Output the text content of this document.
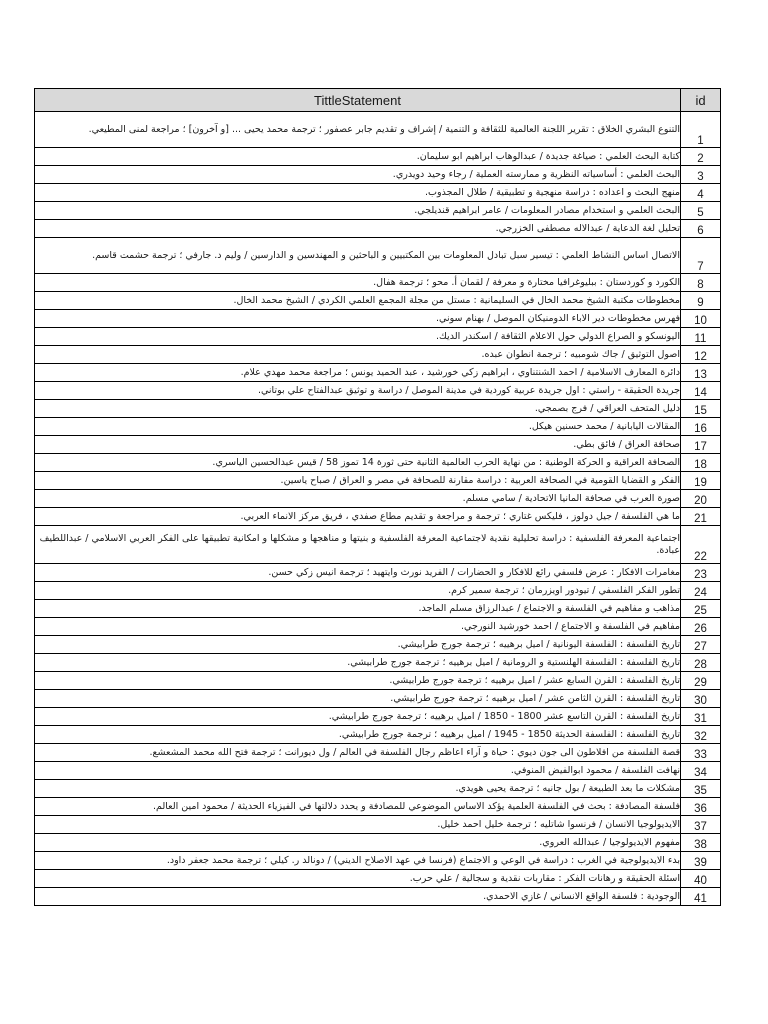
TittleStatement	id
التنوع البشري الخلاق : تقرير اللجنة العالمية للثقافة و التنمية / إشراف و تقديم جابر عصفور ؛ ترجمة محمد يحيى ... [و آخرون] ؛ مراجعة لمنى المطيعي.	1
كتابة البحث العلمي : صياغة جديدة / عبدالوهاب ابراهيم ابو سليمان.	2
البحث العلمي : أساسياته النظرية و ممارسته العملية / رجاء وحيد دويدري.	3
منهج البحث و اعداده : دراسة منهجية و تطبيقية / طلال المجذوب.	4
البحث العلمي و استخدام مصادر المعلومات / عامر ابراهيم قنديلجي.	5
تحليل لغة الدعاية / عبدالاله مصطفى الخزرجي.	6
الاتصال اساس النشاط العلمي : تيسير سبل تبادل المعلومات بين المكتبيين و الباحثين و المهندسين و الدارسين / وليم د. جارفي ؛ ترجمة حشمت قاسم.	7
الكورد و كوردستان : ببليوغرافيا مختارة و معرفة / لقمان أ. محو ؛ ترجمة هفال.	8
مخطوطات مكتبة الشيخ محمد الخال في السليمانية : مستل من مجلة المجمع العلمي الكردي / الشيخ محمد الخال.	9
فهرس مخطوطات دير الاباء الدومنيكان الموصل / بهنام سوني.	10
اليونسكو و الصراع الدولي حول الاعلام الثقافة / اسكندر الديك.	11
اصول التوثيق / جاك شومبيه ؛ ترجمة انطوان عبده.	12
دائرة المعارف الاسلامية / احمد الشنتناوي ، ابراهيم زكي خورشيد ، عبد الحميد يونس ؛ مراجعة محمد مهدي علام.	13
جريدة الحقيقة - راستي : اول جريدة عربية كوردية في مدينة الموصل / دراسة و توثيق عبدالفتاح علي بوتاني.	14
دليل المتحف العراقي / فرج بصمجي.	15
المقالات اليابانية / محمد حسنين هيكل.	16
صحافة العراق / فائق بطي.	17
الصحافة العراقية و الحركة الوطنية : من نهاية الحرب العالمية الثانية حتى ثورة 14 تموز 58 / قيس عبدالحسين الياسري.	18
الفكر و القضايا القومية في الصحافة العربية : دراسة مقارنة للصحافة في مصر و العراق / صباح ياسين.	19
صورة العرب في صحافة المانيا الاتحادية / سامي مسلم.	20
ما هي الفلسفة / جيل دولوز ، فليكس غتاري ؛ ترجمة و مراجعة و تقديم مطاع صفدي ، فريق مركز الانماء العربي.	21
اجتماعية المعرفة الفلسفية : دراسة تحليلية نقدية لاجتماعية المعرفة الفلسفية و بنيتها و مناهجها و مشكلها و امكانية تطبيقها على الفكر العربي الاسلامي / عبداللطيف عبادة.	22
مغامرات الافكار : عرض فلسفي رائع للافكار و الحضارات / الفريد نورث وايتهيد ؛ ترجمة انيس زكي حسن.	23
تطور الفكر الفلسفي / تيودور اويزرمان ؛ ترجمة سمير كرم.	24
مذاهب و مفاهيم في الفلسفة و الاجتماع / عبدالرزاق مسلم الماجد.	25
مفاهيم في الفلسفة و الاجتماع / احمد خورشيد النورجي.	26
تاريخ الفلسفة : الفلسفة اليونانية / اميل برهييه ؛ ترجمة جورج طرابيشي.	27
تاريخ الفلسفة : الفلسفة الهلنستية و الرومانية / اميل برهييه ؛ ترجمة جورج طرابيشي.	28
تاريخ الفلسفة : القرن السابع عشر / اميل برهييه ؛ ترجمة جورج طرابيشي.	29
تاريخ الفلسفة : القرن الثامن عشر / اميل برهييه ؛ ترجمة جورج طرابيشي.	30
تاريخ الفلسفة : القرن التاسع عشر 1800 - 1850 / اميل برهييه ؛ ترجمة جورج طرابيشي.	31
تاريخ الفلسفة : الفلسفة الحديثة 1850 - 1945 / اميل برهييه ؛ ترجمة جورج طرابيشي.	32
قصة الفلسفة من افلاطون الى جون ديوي : حياة و آراء اعاظم رجال الفلسفة في العالم / ول ديورانت ؛ ترجمة فتح الله محمد المشعشع.	33
نهافت الفلسفة / محمود ابوالفيض المنوفي.	34
مشكلات ما بعد الطبيعة / بول جانيه ؛ ترجمة يحيى هويدي.	35
فلسفة المصادفة : بحث في الفلسفة العلمية يؤكد الاساس الموضوعي للمصادفة و يحدد دلالتها في الفيزياء الحديثة / محمود امين العالم.	36
الايديولوجيا الانسان / فرنسوا شاتليه ؛ ترجمة خليل احمد خليل.	37
مفهوم الايديولوجيا / عبدالله العروي.	38
بدء الايديولوجية في الغرب : دراسة في الوعي و الاجتماع (فرنسا في عهد الاصلاح الديني) / دونالد ر. كيلي ؛ ترجمة محمد جعفر داود.	39
اسئلة الحقيقة و رهانات الفكر : مقاربات نقدية و سجالية / علي حرب.	40
الوجودية : فلسفة الواقع الانساني / غازي الاحمدي.	41
